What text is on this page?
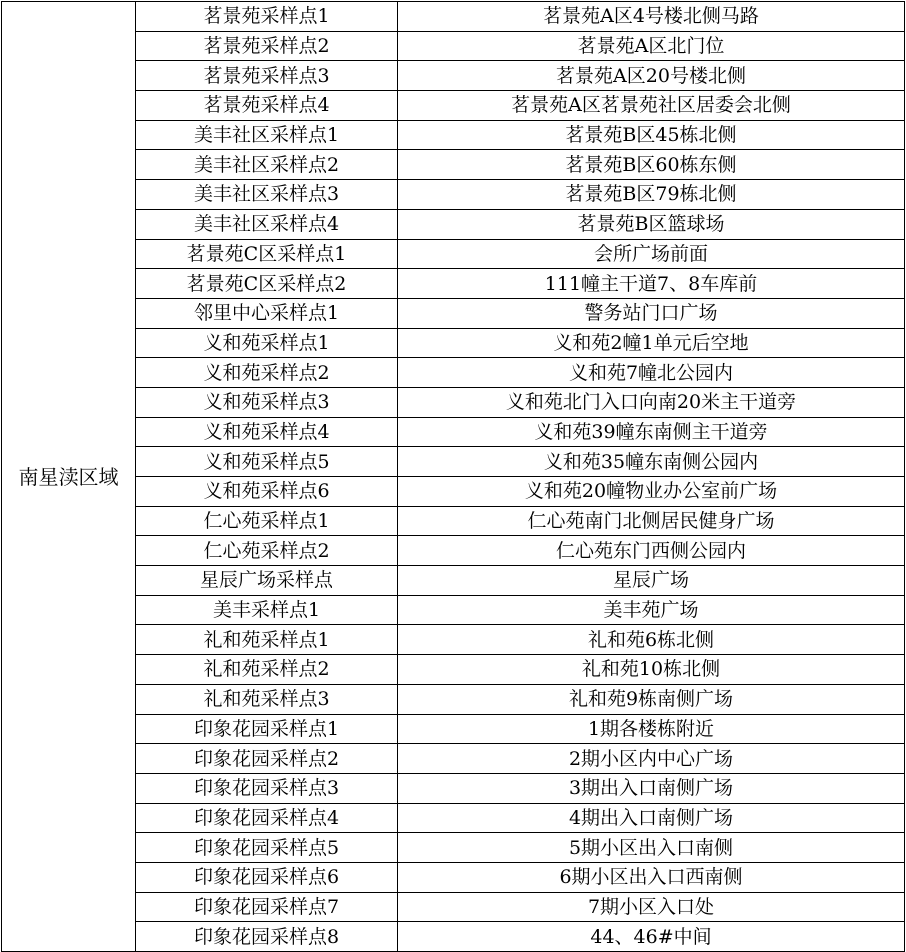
南星渎区域	茗景苑采样点1	茗景苑A区4号楼北侧马路
	茗景苑采样点2	茗景苑A区北门位
	茗景苑采样点3	茗景苑A区20号楼北侧
	茗景苑采样点4	茗景苑A区茗景苑社区居委会北侧
	美丰社区采样点1	茗景苑B区45栋北侧
	美丰社区采样点2	茗景苑B区60栋东侧
	美丰社区采样点3	茗景苑B区79栋北侧
	美丰社区采样点4	茗景苑B区篮球场
	茗景苑C区采样点1	会所广场前面
	茗景苑C区采样点2	111幢主干道7、8车库前
	邻里中心采样点1	警务站门口广场
	义和苑采样点1	义和苑2幢1单元后空地
	义和苑采样点2	义和苑7幢北公园内
	义和苑采样点3	义和苑北门入口向南20米主干道旁
	义和苑采样点4	义和苑39幢东南侧主干道旁
	义和苑采样点5	义和苑35幢东南侧公园内
	义和苑采样点6	义和苑20幢物业办公室前广场
	仁心苑采样点1	仁心苑南门北侧居民健身广场
	仁心苑采样点2	仁心苑东门西侧公园内
	星辰广场采样点	星辰广场
	美丰采样点1	美丰苑广场
	礼和苑采样点1	礼和苑6栋北侧
	礼和苑采样点2	礼和苑10栋北侧
	礼和苑采样点3	礼和苑9栋南侧广场
	印象花园采样点1	1期各楼栋附近
	印象花园采样点2	2期小区内中心广场
	印象花园采样点3	3期出入口南侧广场
	印象花园采样点4	4期出入口南侧广场
	印象花园采样点5	5期小区出入口南侧
	印象花园采样点6	6期小区出入口西南侧
	印象花园采样点7	7期小区入口处
	印象花园采样点8	44、46#中间
